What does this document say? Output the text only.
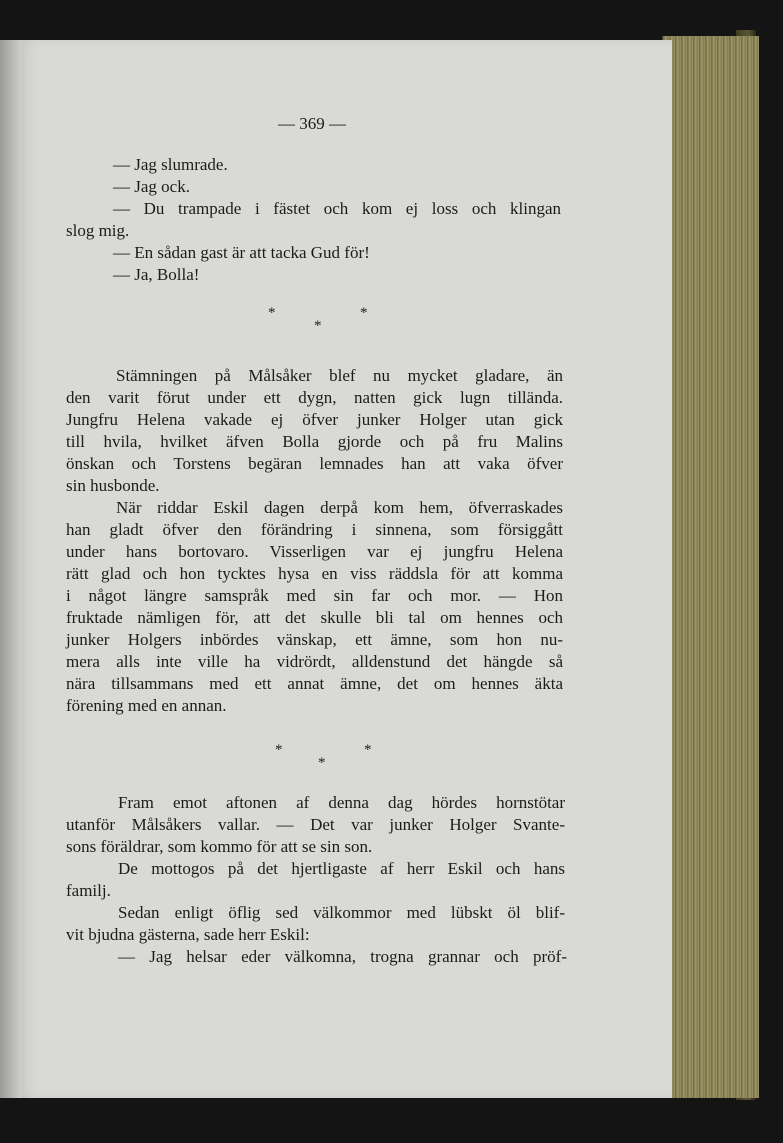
— 369 —
— Jag slumrade.
— Jag ock.
— Du trampade i fästet och kom ej loss och klingan
slog mig.
— En sådan gast är att tacka Gud för!
— Ja, Bolla!
*	*
*
Stämningen på Målsåker blef nu mycket gladare, än
den varit förut under ett dygn, natten gick lugn tilländа.
Jungfru Helena vakade ej öfver junker Holger utan gick
till hvila, hvilket äfven Bolla gjorde och på fru Malins
önskan och Torstens begäran lemnades han att vaka öfver
sin husbonde.
När riddar Eskil dagen derpå kom hem, öfverraskades
han gladt öfver den förändring i sinnena, som försiggått
under hans bortovaro. Visserligen var ej jungfru Helena
rätt glad och hon tycktes hysa en viss räddsla för att komma
i något längre samspråk med sin far och mor. — Hon
fruktade nämligen för, att det skulle bli tal om hennes och
junker Holgers inbördes vänskap, ett ämne, som hon nu-
mera alls inte ville ha vidrördt, alldenstund det hängde så
nära tillsammans med ett annat ämne, det om hennes äkta
förening med en annan.
*	*
*
Fram emot aftonen af denna dag hördes hornstötar
utanför Målsåkers vallar. — Det var junker Holger Svante-
sons föräldrar, som kommo för att se sin son.
De mottogos på det hjertligaste af herr Eskil och hans
familj.
Sedan enligt öflig sed välkommor med lübskt öl blif-
vit bjudna gästerna, sade herr Eskil:
— Jag helsar eder välkomna, trogna grannar och pröf-
